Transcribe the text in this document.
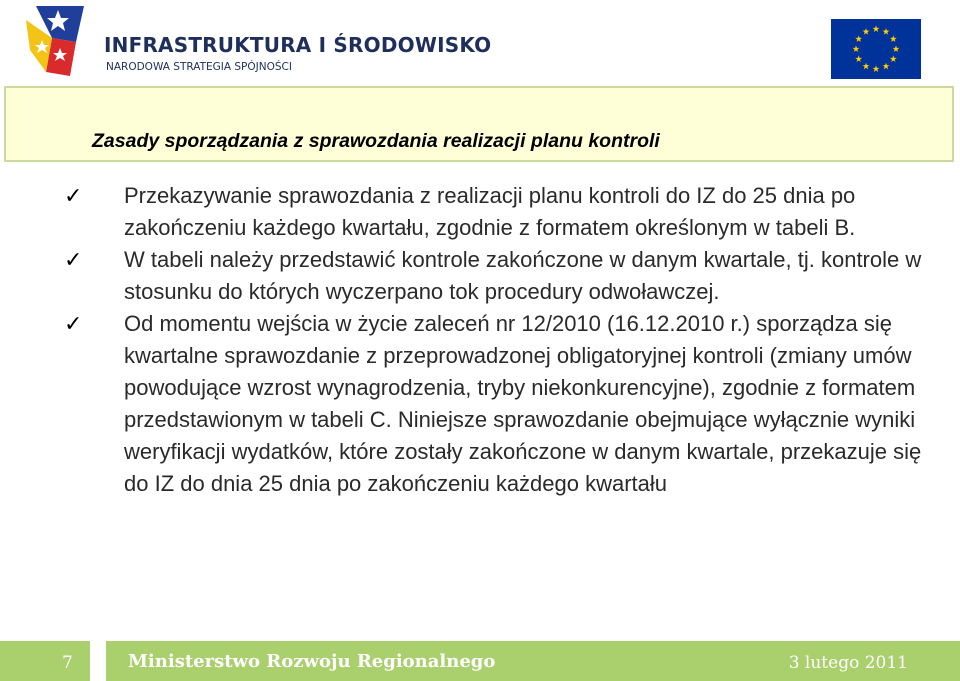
INFRASTRUKTURA I ŚRODOWISKO
NARODOWA STRATEGIA SPÓJNOŚCI
Zasady sporządzania z sprawozdania realizacji planu kontroli
✓ Przekazywanie sprawozdania z realizacji planu kontroli do IZ do 25 dnia po zakończeniu każdego kwartału, zgodnie z formatem określonym w tabeli B.
✓ W tabeli należy przedstawić kontrole zakończone w danym kwartale, tj. kontrole w stosunku do których wyczerpano tok procedury odwoławczej.
✓ Od momentu wejścia w życie zaleceń nr 12/2010 (16.12.2010 r.) sporządza się kwartalne sprawozdanie z przeprowadzonej obligatoryjnej kontroli (zmiany umów powodujące wzrost wynagrodzenia, tryby niekonkurencyjne), zgodnie z formatem przedstawionym w tabeli C. Niniejsze sprawozdanie obejmujące wyłącznie wyniki weryfikacji wydatków, które zostały zakończone w danym kwartale, przekazuje się do IZ do dnia 25 dnia po zakończeniu każdego kwartału
7	Ministerstwo Rozwoju Regionalnego	3 lutego 2011
